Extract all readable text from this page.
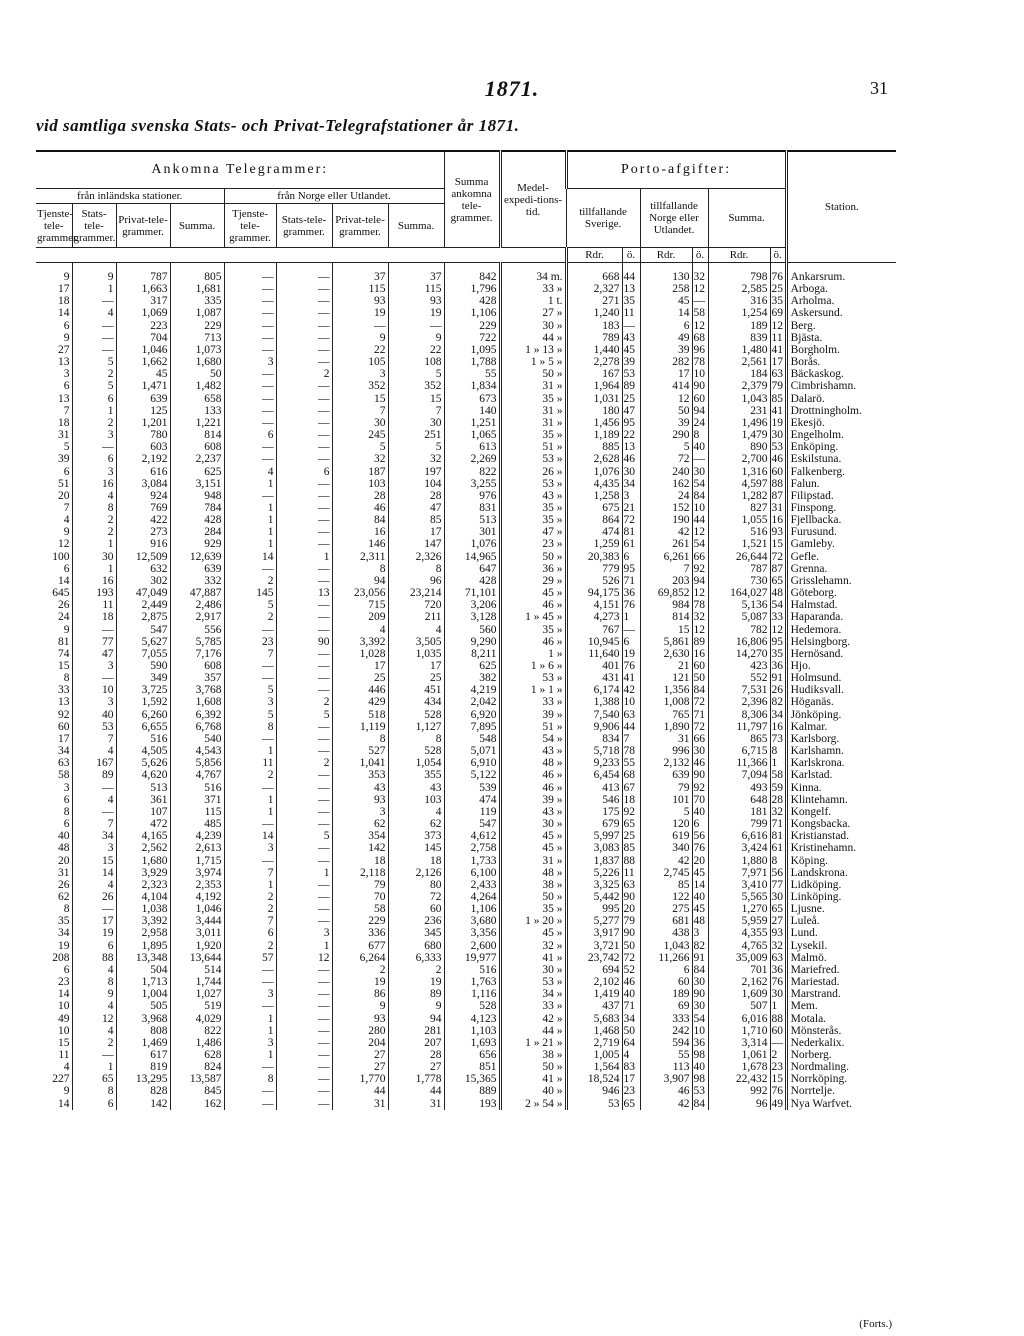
1871.	31
vid samtliga svenska Stats- och Privat-Telegrafstationer år 1871.
Ankomna Telegrammer:								Summa ankomna tele-grammer.	Medel-expedi-tions-tid.	Porto-afgifter:						Station.
från inländska stationer.				från Norge eller Utlandet.						tillfallande Sverige.		tillfallande Norge eller Utlandet.		Summa.		
Tjenste-tele-grammer.	Stats-tele-grammer.	Privat-tele-grammer.	Summa.	Tjenste-tele-grammer.	Stats-tele-grammer.	Privat-tele-grammer.	Summa.									
										Rdr.	ö.	Rdr.	ö.	Rdr.	ö.	
9	9	787	805	—	—	37	37	842	34 m.	668	44	130	32	798	76	Ankarsrum.
17	1	1,663	1,681	—	—	115	115	1,796	33 »	2,327	13	258	12	2,585	25	Arboga.
18	—	317	335	—	—	93	93	428	1 t.	271	35	45	—	316	35	Arholma.
14	4	1,069	1,087	—	—	19	19	1,106	27 »	1,240	11	14	58	1,254	69	Askersund.
6	—	223	229	—	—	—	—	229	30 »	183	—	6	12	189	12	Berg.
9	—	704	713	—	—	9	9	722	44 »	789	43	49	68	839	11	Bjästa.
27	—	1,046	1,073	—	—	22	22	1,095	1 » 13 »	1,440	45	39	96	1,480	41	Borgholm.
13	5	1,662	1,680	3	—	105	108	1,788	1 » 5 »	2,278	39	282	78	2,561	17	Borås.
3	2	45	50	—	2	3	5	55	50 »	167	53	17	10	184	63	Bäckaskog.
6	5	1,471	1,482	—	—	352	352	1,834	31 »	1,964	89	414	90	2,379	79	Cimbrishamn.
13	6	639	658	—	—	15	15	673	35 »	1,031	25	12	60	1,043	85	Dalarö.
7	1	125	133	—	—	7	7	140	31 »	180	47	50	94	231	41	Drottningholm.
18	2	1,201	1,221	—	—	30	30	1,251	31 »	1,456	95	39	24	1,496	19	Ekesjö.
31	3	780	814	6	—	245	251	1,065	35 »	1,189	22	290	8	1,479	30	Engelholm.
5	—	603	608	—	—	5	5	613	51 »	885	13	5	40	890	53	Enköping.
39	6	2,192	2,237	—	—	32	32	2,269	53 »	2,628	46	72	—	2,700	46	Eskilstuna.
6	3	616	625	4	6	187	197	822	26 »	1,076	30	240	30	1,316	60	Falkenberg.
51	16	3,084	3,151	1	—	103	104	3,255	53 »	4,435	34	162	54	4,597	88	Falun.
20	4	924	948	—	—	28	28	976	43 »	1,258	3	24	84	1,282	87	Filipstad.
7	8	769	784	1	—	46	47	831	35 »	675	21	152	10	827	31	Finspong.
4	2	422	428	1	—	84	85	513	35 »	864	72	190	44	1,055	16	Fjellbacka.
9	2	273	284	1	—	16	17	301	47 »	474	81	42	12	516	93	Furusund.
12	1	916	929	1	—	146	147	1,076	23 »	1,259	61	261	54	1,521	15	Gamleby.
100	30	12,509	12,639	14	1	2,311	2,326	14,965	50 »	20,383	6	6,261	66	26,644	72	Gefle.
6	1	632	639	—	—	8	8	647	36 »	779	95	7	92	787	87	Grenna.
14	16	302	332	2	—	94	96	428	29 »	526	71	203	94	730	65	Grisslehamn.
645	193	47,049	47,887	145	13	23,056	23,214	71,101	45 »	94,175	36	69,852	12	164,027	48	Göteborg.
26	11	2,449	2,486	5	—	715	720	3,206	46 »	4,151	76	984	78	5,136	54	Halmstad.
24	18	2,875	2,917	2	—	209	211	3,128	1 » 45 »	4,273	1	814	32	5,087	33	Haparanda.
9	—	547	556	—	—	4	4	560	35 »	767	—	15	12	782	12	Hedemora.
81	77	5,627	5,785	23	90	3,392	3,505	9,290	46 »	10,945	6	5,861	89	16,806	95	Helsingborg.
74	47	7,055	7,176	7	—	1,028	1,035	8,211	1 »	11,640	19	2,630	16	14,270	35	Hernösand.
15	3	590	608	—	—	17	17	625	1 » 6 »	401	76	21	60	423	36	Hjo.
8	—	349	357	—	—	25	25	382	53 »	431	41	121	50	552	91	Holmsund.
33	10	3,725	3,768	5	—	446	451	4,219	1 » 1 »	6,174	42	1,356	84	7,531	26	Hudiksvall.
13	3	1,592	1,608	3	2	429	434	2,042	33 »	1,388	10	1,008	72	2,396	82	Höganäs.
92	40	6,260	6,392	5	5	518	528	6,920	39 »	7,540	63	765	71	8,306	34	Jönköping.
60	53	6,655	6,768	8	—	1,119	1,127	7,895	51 »	9,906	44	1,890	72	11,797	16	Kalmar.
17	7	516	540	—	—	8	8	548	54 »	834	7	31	66	865	73	Karlsborg.
34	4	4,505	4,543	1	—	527	528	5,071	43 »	5,718	78	996	30	6,715	8	Karlshamn.
63	167	5,626	5,856	11	2	1,041	1,054	6,910	48 »	9,233	55	2,132	46	11,366	1	Karlskrona.
58	89	4,620	4,767	2	—	353	355	5,122	46 »	6,454	68	639	90	7,094	58	Karlstad.
3	—	513	516	—	—	43	43	539	46 »	413	67	79	92	493	59	Kinna.
6	4	361	371	1	—	93	103	474	39 »	546	18	101	70	648	28	Klintehamn.
8	—	107	115	1	—	3	4	119	43 »	175	92	5	40	181	32	Kongelf.
6	7	472	485	—	—	62	62	547	30 »	679	65	120	6	799	71	Kongsbacka.
40	34	4,165	4,239	14	5	354	373	4,612	45 »	5,997	25	619	56	6,616	81	Kristianstad.
48	3	2,562	2,613	3	—	142	145	2,758	45 »	3,083	85	340	76	3,424	61	Kristinehamn.
20	15	1,680	1,715	—	—	18	18	1,733	31 »	1,837	88	42	20	1,880	8	Köping.
31	14	3,929	3,974	7	1	2,118	2,126	6,100	48 »	5,226	11	2,745	45	7,971	56	Landskrona.
26	4	2,323	2,353	1	—	79	80	2,433	38 »	3,325	63	85	14	3,410	77	Lidköping.
62	26	4,104	4,192	2	—	70	72	4,264	50 »	5,442	90	122	40	5,565	30	Linköping.
8	—	1,038	1,046	2	—	58	60	1,106	35 »	995	20	275	45	1,270	65	Ljusne.
35	17	3,392	3,444	7	—	229	236	3,680	1 » 20 »	5,277	79	681	48	5,959	27	Luleå.
34	19	2,958	3,011	6	3	336	345	3,356	45 »	3,917	90	438	3	4,355	93	Lund.
19	6	1,895	1,920	2	1	677	680	2,600	32 »	3,721	50	1,043	82	4,765	32	Lysekil.
208	88	13,348	13,644	57	12	6,264	6,333	19,977	41 »	23,742	72	11,266	91	35,009	63	Malmö.
6	4	504	514	—	—	2	2	516	30 »	694	52	6	84	701	36	Mariefred.
23	8	1,713	1,744	—	—	19	19	1,763	53 »	2,102	46	60	30	2,162	76	Mariestad.
14	9	1,004	1,027	3	—	86	89	1,116	34 »	1,419	40	189	90	1,609	30	Marstrand.
10	4	505	519	—	—	9	9	528	33 »	437	71	69	30	507	1	Mem.
49	12	3,968	4,029	1	—	93	94	4,123	42 »	5,683	34	333	54	6,016	88	Motala.
10	4	808	822	1	—	280	281	1,103	44 »	1,468	50	242	10	1,710	60	Mönsterås.
15	2	1,469	1,486	3	—	204	207	1,693	1 » 21 »	2,719	64	594	36	3,314	—	Nederkalix.
11	—	617	628	1	—	27	28	656	38 »	1,005	4	55	98	1,061	2	Norberg.
4	1	819	824	—	—	27	27	851	50 »	1,564	83	113	40	1,678	23	Nordmaling.
227	65	13,295	13,587	8	—	1,770	1,778	15,365	41 »	18,524	17	3,907	98	22,432	15	Norrköping.
9	8	828	845	—	—	44	44	889	40 »	946	23	46	53	992	76	Norrtelje.
14	6	142	162	—	—	31	31	193	2 » 54 »	53	65	42	84	96	49	Nya Warfvet.
(Forts.)
